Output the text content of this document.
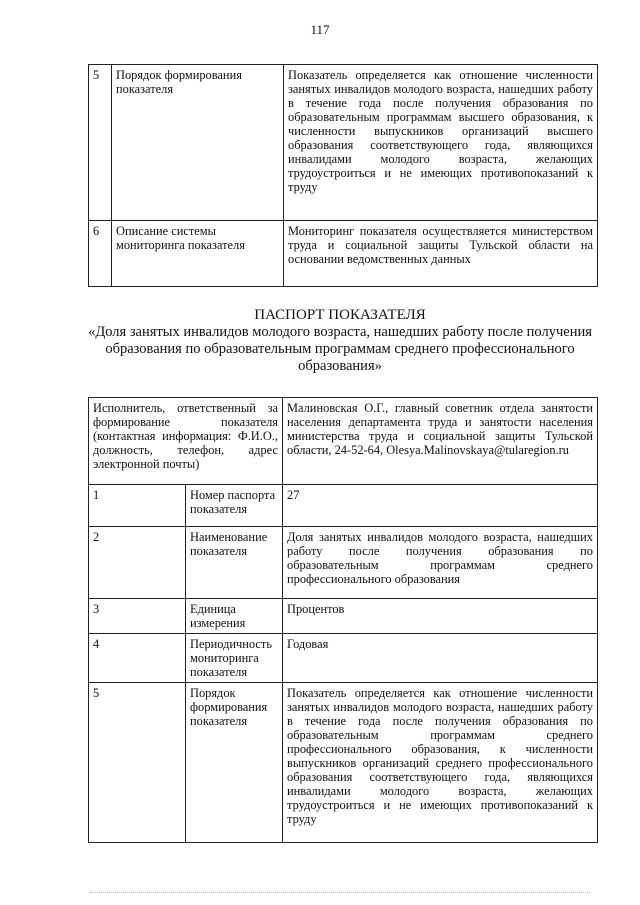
117
5	Порядок формирования показателя	Показатель определяется как отношение численности занятых инвалидов молодого возраста, нашедших работу в течение года после получения образования по образовательным программам высшего образования, к численности выпускников организаций высшего образования соответствующего года, являющихся инвалидами молодого возраста, желающих трудоустроиться и не имеющих противопоказаний к труду
6	Описание системы мониторинга показателя	Мониторинг показателя осуществляется министерством труда и социальной защиты Тульской области на основании ведомственных данных
ПАСПОРТ ПОКАЗАТЕЛЯ
«Доля занятых инвалидов молодого возраста, нашедших работу после получения образования по образовательным программам среднего профессионального образования»
Исполнитель, ответственный за формирование показателя (контактная информация: Ф.И.О., должность, телефон, адрес электронной почты)		Малиновская О.Г., главный советник отдела занятости населения департамента труда и занятости населения министерства труда и социальной защиты Тульской области, 24-52-64, Olesya.Malinovskaya@tularegion.ru
1	Номер паспорта показателя	27
2	Наименование показателя	Доля занятых инвалидов молодого возраста, нашедших работу после получения образования по образовательным программам среднего профессионального образования
3	Единица измерения	Процентов
4	Периодичность мониторинга показателя	Годовая
5	Порядок формирования показателя	Показатель определяется как отношение численности занятых инвалидов молодого возраста, нашедших работу в течение года после получения образования по образовательным программам среднего профессионального образования, к численности выпускников организаций среднего профессионального образования соответствующего года, являющихся инвалидами молодого возраста, желающих трудоустроиться и не имеющих противопоказаний к труду
